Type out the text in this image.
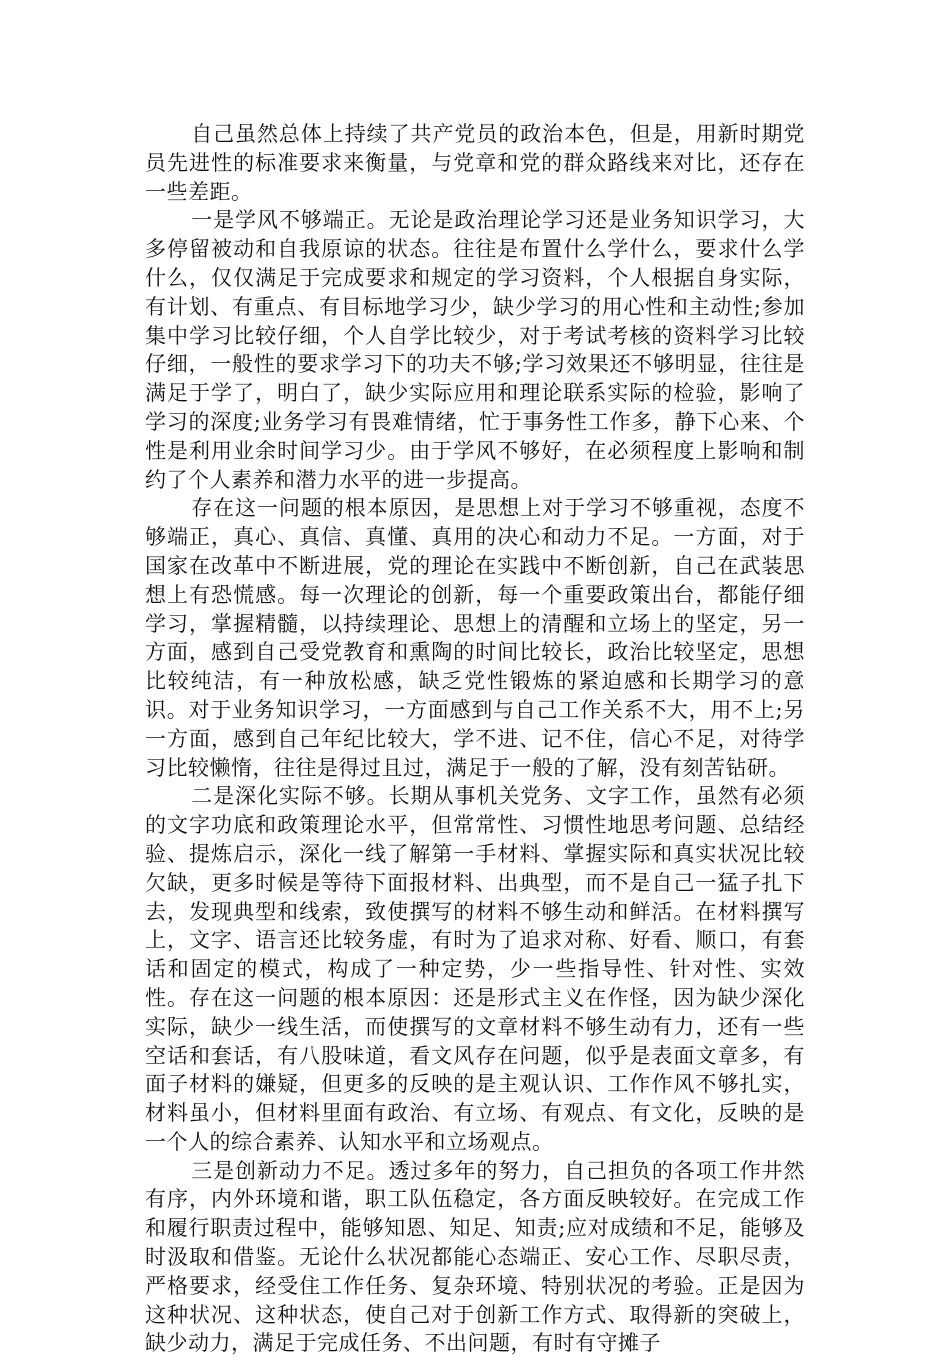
自己虽然总体上持续了共产党员的政治本色，但是，用新时期党员先进性的标准要求来衡量，与党章和党的群众路线来对比，还存在一些差距。

一是学风不够端正。无论是政治理论学习还是业务知识学习，大多停留被动和自我原谅的状态。往往是布置什么学什么，要求什么学什么，仅仅满足于完成要求和规定的学习资料，个人根据自身实际，有计划、有重点、有目标地学习少，缺少学习的用心性和主动性;参加集中学习比较仔细，个人自学比较少，对于考试考核的资料学习比较仔细，一般性的要求学习下的功夫不够;学习效果还不够明显，往往是满足于学了，明白了，缺少实际应用和理论联系实际的检验，影响了学习的深度;业务学习有畏难情绪，忙于事务性工作多，静下心来、个性是利用业余时间学习少。由于学风不够好，在必须程度上影响和制约了个人素养和潜力水平的进一步提高。

存在这一问题的根本原因，是思想上对于学习不够重视，态度不够端正，真心、真信、真懂、真用的决心和动力不足。一方面，对于国家在改革中不断进展，党的理论在实践中不断创新，自己在武装思想上有恐慌感。每一次理论的创新，每一个重要政策出台，都能仔细学习，掌握精髓，以持续理论、思想上的清醒和立场上的坚定，另一方面，感到自己受党教育和熏陶的时间比较长，政治比较坚定，思想比较纯洁，有一种放松感，缺乏党性锻炼的紧迫感和长期学习的意识。对于业务知识学习，一方面感到与自己工作关系不大，用不上;另一方面，感到自己年纪比较大，学不进、记不住，信心不足，对待学习比较懒惰，往往是得过且过，满足于一般的了解，没有刻苦钻研。

二是深化实际不够。长期从事机关党务、文字工作，虽然有必须的文字功底和政策理论水平，但常常性、习惯性地思考问题、总结经验、提炼启示，深化一线了解第一手材料、掌握实际和真实状况比较欠缺，更多时候是等待下面报材料、出典型，而不是自己一猛子扎下去，发现典型和线索，致使撰写的材料不够生动和鲜活。在材料撰写上，文字、语言还比较务虚，有时为了追求对称、好看、顺口，有套话和固定的模式，构成了一种定势，少一些指导性、针对性、实效性。存在这一问题的根本原因：还是形式主义在作怪，因为缺少深化实际，缺少一线生活，而使撰写的文章材料不够生动有力，还有一些空话和套话，有八股味道，看文风存在问题，似乎是表面文章多，有面子材料的嫌疑，但更多的反映的是主观认识、工作作风不够扎实，材料虽小，但材料里面有政治、有立场、有观点、有文化，反映的是一个人的综合素养、认知水平和立场观点。

三是创新动力不足。透过多年的努力，自己担负的各项工作井然有序，内外环境和谐，职工队伍稳定，各方面反映较好。在完成工作和履行职责过程中，能够知恩、知足、知责;应对成绩和不足，能够及时汲取和借鉴。无论什么状况都能心态端正、安心工作、尽职尽责，严格要求，经受住工作任务、复杂环境、特别状况的考验。正是因为这种状况、这种状态，使自己对于创新工作方式、取得新的突破上，缺少动力，满足于完成任务、不出问题，有时有守摊子
